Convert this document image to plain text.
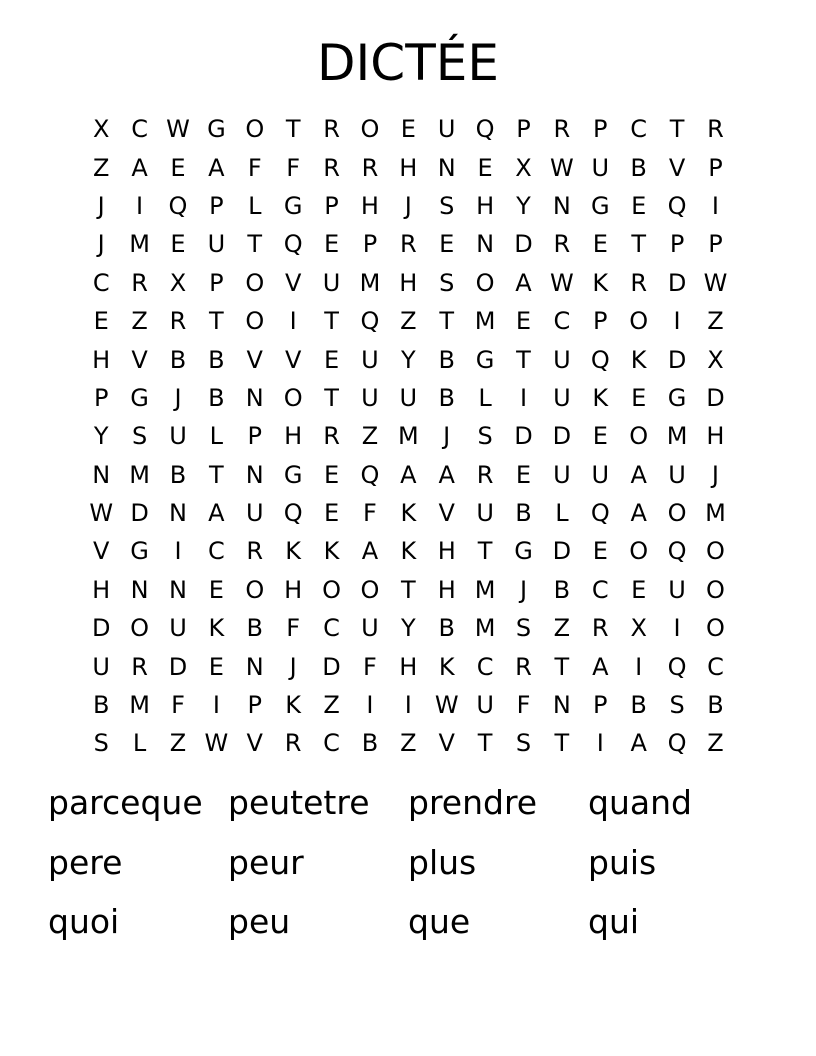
DICTÉE
X C W G O T R O E U Q P R P C T R
Z A E A F	F R R H N E X W U B V P
J	I	Q P	L G P H	J	S H Y N G E Q	I
J	M E U T Q E P R E N D R E T P P
C R X P O V U M H S O A W K R D W
E Z R T O	I	T Q Z T M E C P O	I	Z
H V B B V V E U Y B G T U Q K D X
P G	J	B N O T U U B L	I	U K E G D
Y S U L	P H R Z M	J	S D D E O M H
N M B T N G E Q A A R E U U A U	J
W D N A U Q E F K V U B L Q A O M
V G	I	C R K K A K H T G D E O Q O
H N N E O H O O T H M	J	B C E U O
D O U K B F C U Y B M S Z R X	I	O
U R D E N	J	D F H K C R T A	I	Q C
B M F	I	P K Z	I	I W U F N P B S B
S	L Z W V R C B Z V T S T	I	A Q Z
parceque peutetre	prendre	quand
pere	peur	plus	puis
quoi	peu	que	qui
